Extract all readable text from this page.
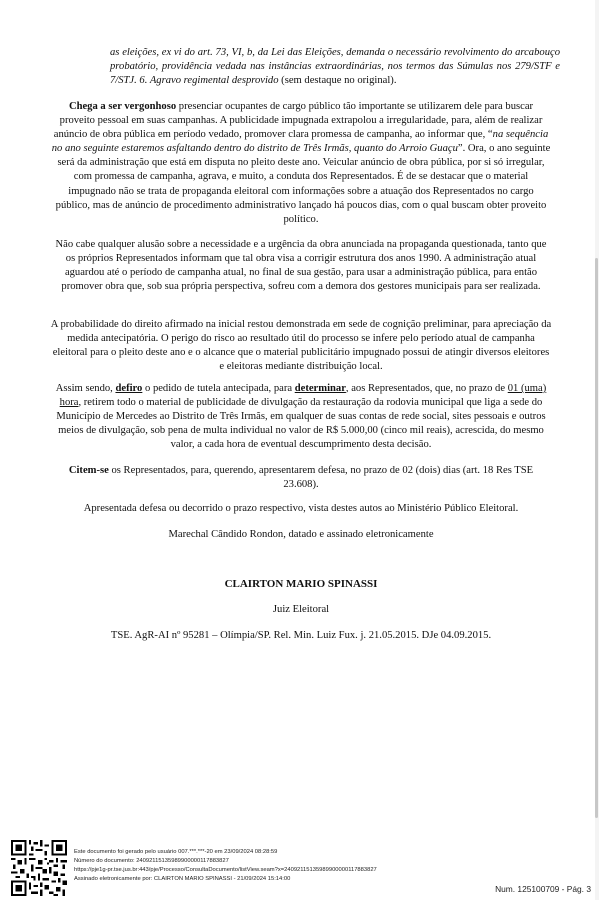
as eleições, ex vi do art. 73, VI, b, da Lei das Eleições, demanda o necessário revolvimento do arcabouço probatório, providência vedada nas instâncias extraordinárias, nos termos das Súmulas nos 279/STF e 7/STJ. 6. Agravo regimental desprovido (sem destaque no original).

Chega a ser vergonhoso presenciar ocupantes de cargo público tão importante se utilizarem dele para buscar proveito pessoal em suas campanhas. A publicidade impugnada extrapolou a irregularidade, para, além de realizar anúncio de obra pública em período vedado, promover clara promessa de campanha, ao informar que, “na sequência no ano seguinte estaremos asfaltando dentro do distrito de Três Irmãs, quanto do Arroio Guaçu”. Ora, o ano seguinte será da administração que está em disputa no pleito deste ano. Veicular anúncio de obra pública, por si só irregular, com promessa de campanha, agrava, e muito, a conduta dos Representados. É de se destacar que o material impugnado não se trata de propaganda eleitoral com informações sobre a atuação dos Representados no cargo público, mas de anúncio de procedimento administrativo lançado há poucos dias, com o qual buscam obter proveito político.

Não cabe qualquer alusão sobre a necessidade e a urgência da obra anunciada na propaganda questionada, tanto que os próprios Representados informam que tal obra visa a corrigir estrutura dos anos 1990. A administração atual aguardou até o período de campanha atual, no final de sua gestão, para usar a administração pública, para então promover obra que, sob sua própria perspectiva, sofreu com a demora dos gestores municipais para ser realizada.

A probabilidade do direito afirmado na inicial restou demonstrada em sede de cognição preliminar, para apreciação da medida antecipatória. O perigo do risco ao resultado útil do processo se infere pelo período atual de campanha eleitoral para o pleito deste ano e o alcance que o material publicitário impugnado possui de atingir diversos eleitores e eleitoras mediante distribuição local.

Assim sendo, defiro o pedido de tutela antecipada, para determinar, aos Representados, que, no prazo de 01 (uma) hora, retirem todo o material de publicidade de divulgação da restauração da rodovia municipal que liga a sede do Município de Mercedes ao Distrito de Três Irmãs, em qualquer de suas contas de rede social, sites pessoais e outros meios de divulgação, sob pena de multa individual no valor de R$ 5.000,00 (cinco mil reais), acrescida, do mesmo valor, a cada hora de eventual descumprimento desta decisão.

Citem-se os Representados, para, querendo, apresentarem defesa, no prazo de 02 (dois) dias (art. 18 Res TSE 23.608).

Apresentada defesa ou decorrido o prazo respectivo, vista destes autos ao Ministério Público Eleitoral.

Marechal Cândido Rondon, datado e assinado eletronicamente

CLAIRTON MARIO SPINASSI
Juiz Eleitoral
TSE. AgR-AI nº 95281 – Olímpia/SP. Rel. Min. Luiz Fux. j. 21.05.2015. DJe 04.09.2015.
Este documento foi gerado pelo usuário 007.***.***-20 em 23/09/2024 08:28:59
Número do documento: 24092115135989900000117883827
https://pje1g-pr.tse.jus.br:443/pje/Processo/ConsultaDocumento/listView.seam?x=24092115135989900000117883827
Assinado eletronicamente por: CLAIRTON MARIO SPINASSI - 21/09/2024 15:14:00
Num. 125100709 - Pág. 3
